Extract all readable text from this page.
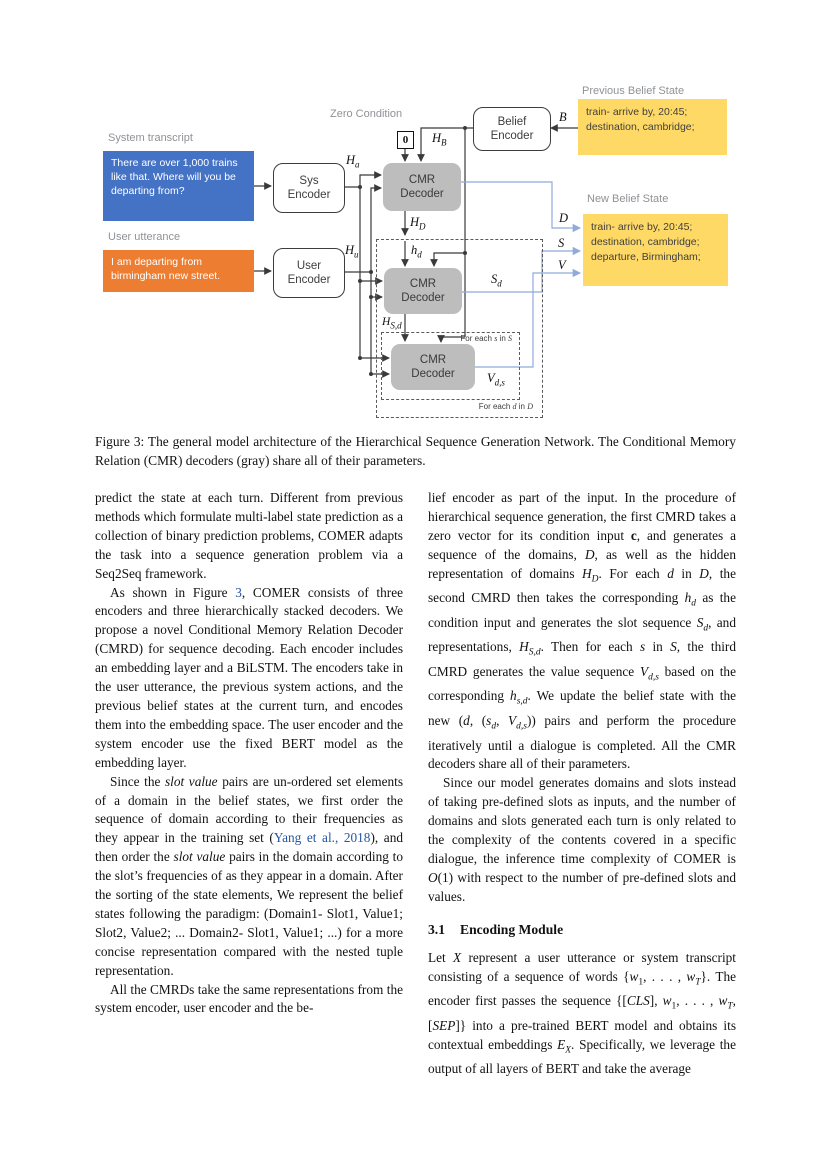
For each s in S
For each d in D
System transcript
User utterance
Zero Condition
Previous Belief State
New Belief State
There are over 1,000 trains like that. Where will you be departing from?
I am departing from birmingham new street.
Sys Encoder
User Encoder
Belief Encoder
0
CMR Decoder
CMR Decoder
CMR Decoder
train- arrive by, 20:45; destination, cambridge;
train- arrive by, 20:45; destination, cambridge; departure, Birmingham;
$H_a$
$H_u$
$H_B$
B
$H_D$
$h_d$
$S_d$
$H_{S,d}$
$V_{d,s}$
D
S
V
Figure 3: The general model architecture of the Hierarchical Sequence Generation Network. The Conditional Memory Relation (CMR) decoders (gray) share all of their parameters.

predict the state at each turn. Different from previous methods which formulate multi-label state prediction as a collection of binary prediction problems, COMER adapts the task into a sequence generation problem via a Seq2Seq framework.

As shown in Figure 3, COMER consists of three encoders and three hierarchically stacked decoders. We propose a novel Conditional Memory Relation Decoder (CMRD) for sequence decoding. Each encoder includes an embedding layer and a BiLSTM. The encoders take in the user utterance, the previous system actions, and the previous belief states at the current turn, and encodes them into the embedding space. The user encoder and the system encoder use the fixed BERT model as the embedding layer.

Since the slot value pairs are un-ordered set elements of a domain in the belief states, we first order the sequence of domain according to their frequencies as they appear in the training set (Yang et al., 2018), and then order the slot value pairs in the domain according to the slot’s frequencies of as they appear in a domain. After the sorting of the state elements, We represent the belief states following the paradigm: (Domain1- Slot1, Value1; Slot2, Value2; ... Domain2- Slot1, Value1; ...) for a more concise representation compared with the nested tuple representation.

All the CMRDs take the same representations from the system encoder, user encoder and the be-

lief encoder as part of the input. In the procedure of hierarchical sequence generation, the first CMRD takes a zero vector for its condition input c, and generates a sequence of the domains, D, as well as the hidden representation of domains $H_D$. For each d in D, the second CMRD then takes the corresponding $h_d$ as the condition input and generates the slot sequence $S_d$, and representations, $H_{S,d}$. Then for each s in S, the third CMRD generates the value sequence $V_{d,s}$ based on the corresponding $h_{s,d}$. We update the belief state with the new (d, ($s_d$, $V_{d,s}$)) pairs and perform the procedure iteratively until a dialogue is completed. All the CMR decoders share all of their parameters.

Since our model generates domains and slots instead of taking pre-defined slots as inputs, and the number of domains and slots generated each turn is only related to the complexity of the contents covered in a specific dialogue, the inference time complexity of COMER is O(1) with respect to the number of pre-defined slots and values.

3.1 Encoding Module

Let X represent a user utterance or system transcript consisting of a sequence of words {$w_1$, . . . , $w_T$}. The encoder first passes the sequence {[CLS], $w_1$, . . . , $w_T$, [SEP]} into a pre-trained BERT model and obtains its contextual embeddings $E_X$. Specifically, we leverage the output of all layers of BERT and take the average
